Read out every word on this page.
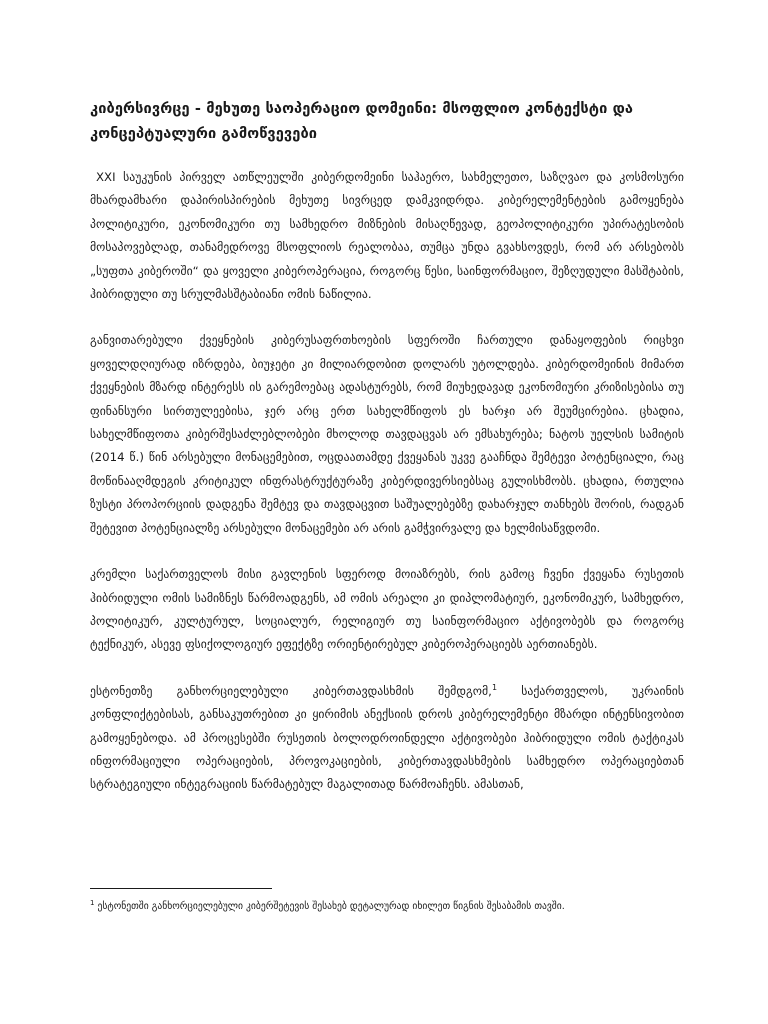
კიბერსივრცე - მეხუთე საოპერაციო დომეინი: მსოფლიო კონტექსტი და კონცეპტუალური გამოწვევები

XXI საუკუნის პირველ ათწლეულში კიბერდომეინი საჰაერო, სახმელეთო, საზღვაო და კოსმოსური მხარდამხარი დაპირისპირების მეხუთე სივრცედ დამკვიდრდა. კიბერელემენტების გამოყენება პოლიტიკური, ეკონომიკური თუ სამხედრო მიზნების მისაღწევად, გეოპოლიტიკური უპირატესობის მოსაპოვებლად, თანამედროვე მსოფლიოს რეალობაა, თუმცა უნდა გვახსოვდეს, რომ არ არსებობს „სუფთა კიბეროში“ და ყოველი კიბეროპერაცია, როგორც წესი, საინფორმაციო, შეზღუდული მასშტაბის, ჰიბრიდული თუ სრულმასშტაბიანი ომის ნაწილია.

განვითარებული ქვეყნების კიბერუსაფრთხოების სფეროში ჩართული დანაყოფების რიცხვი ყოველდღიურად იზრდება, ბიუჯეტი კი მილიარდობით დოლარს უტოლდება. კიბერდომეინის მიმართ ქვეყნების მზარდ ინტერესს ის გარემოებაც ადასტურებს, რომ მიუხედავად ეკონომიური კრიზისებისა თუ ფინანსური სირთულეებისა, ჯერ არც ერთ სახელმწიფოს ეს ხარჯი არ შეუმცირებია. ცხადია, სახელმწიფოთა კიბერშესაძლებლობები მხოლოდ თავდაცვას არ ემსახურება; ნატოს უელსის სამიტის (2014 წ.) წინ არსებული მონაცემებით, ოცდაათამდე ქვეყანას უკვე გააჩნდა შემტევი პოტენციალი, რაც მოწინააღმდეგის კრიტიკულ ინფრასტრუქტურაზე კიბერდივერსიებსაც გულისხმობს. ცხადია, რთულია ზუსტი პროპორციის დადგენა შემტევ და თავდაცვით საშუალებებზე დახარჯულ თანხებს შორის, რადგან შეტევით პოტენციალზე არსებული მონაცემები არ არის გამჭვირვალე და ხელმისაწვდომი.

კრემლი საქართველოს მისი გავლენის სფეროდ მოიაზრებს, რის გამოც ჩვენი ქვეყანა რუსეთის ჰიბრიდული ომის სამიზნეს წარმოადგენს, ამ ომის არეალი კი დიპლომატიურ, ეკონომიკურ, სამხედრო, პოლიტიკურ, კულტურულ, სოციალურ, რელიგიურ თუ საინფორმაციო აქტივობებს და როგორც ტექნიკურ, ასევე ფსიქოლოგიურ ეფექტზე ორიენტირებულ კიბეროპერაციებს აერთიანებს.

ესტონეთზე განხორციელებული კიბერთავდასხმის შემდგომ,$^1$ საქართველოს, უკრაინის კონფლიქტებისას, განსაკუთრებით კი ყირიმის ანექსიის დროს კიბერელემენტი მზარდი ინტენსივობით გამოყენებოდა. ამ პროცესებში რუსეთის ბოლოდროინდელი აქტივობები ჰიბრიდული ომის ტაქტიკას ინფორმაციული ოპერაციების, პროვოკაციების, კიბერთავდასხმების სამხედრო ოპერაციებთან სტრატეგიული ინტეგრაციის წარმატებულ მაგალითად წარმოაჩენს. ამასთან,

$^1$ ესტონეთში განხორციელებული კიბერშეტევის შესახებ დეტალურად იხილეთ წიგნის შესაბამის თავში.
